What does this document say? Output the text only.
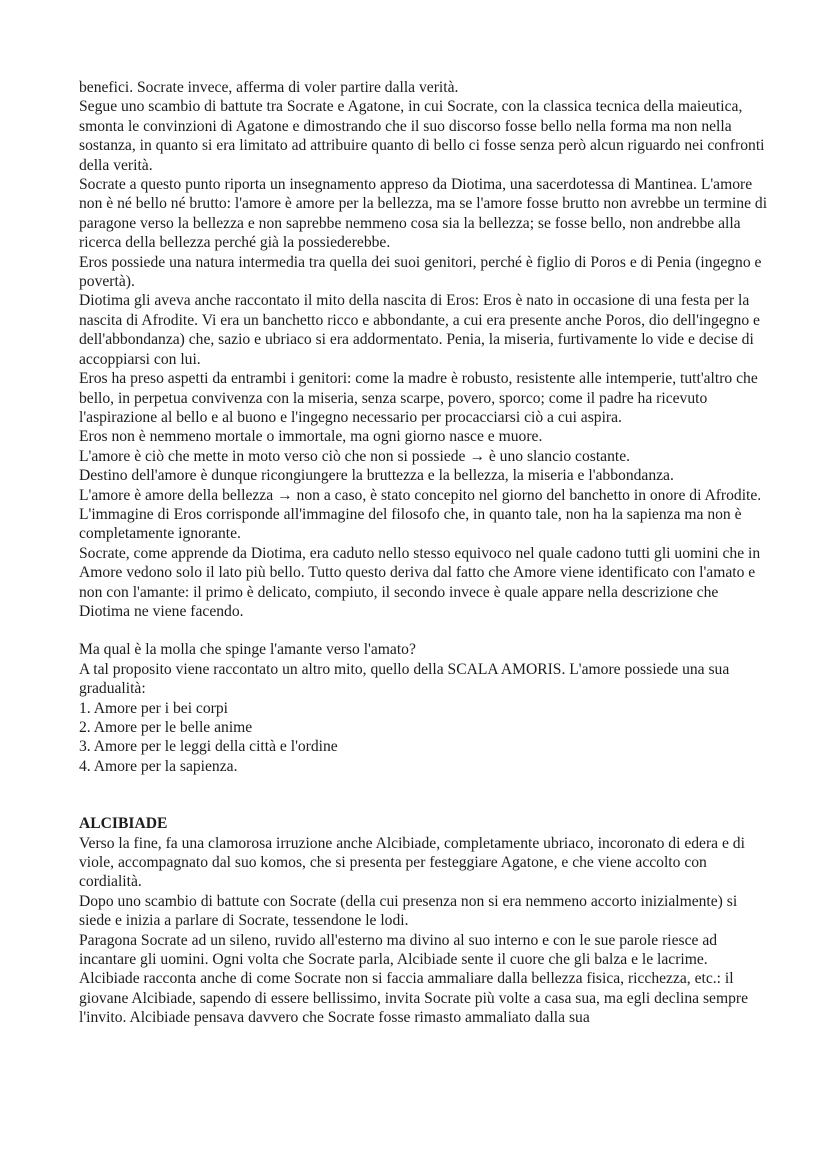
benefici. Socrate invece, afferma di voler partire dalla verità.

Segue uno scambio di battute tra Socrate e Agatone, in cui Socrate, con la classica tecnica della maieutica, smonta le convinzioni di Agatone e dimostrando che il suo discorso fosse bello nella forma ma non nella sostanza, in quanto si era limitato ad attribuire quanto di bello ci fosse senza però alcun riguardo nei confronti della verità.

Socrate a questo punto riporta un insegnamento appreso da Diotima, una sacerdotessa di Mantinea. L'amore non è né bello né brutto: l'amore è amore per la bellezza, ma se l'amore fosse brutto non avrebbe un termine di paragone verso la bellezza e non saprebbe nemmeno cosa sia la bellezza; se fosse bello, non andrebbe alla ricerca della bellezza perché già la possiederebbe.

Eros possiede una natura intermedia tra quella dei suoi genitori, perché è figlio di Poros e di Penia (ingegno e povertà).

Diotima gli aveva anche raccontato il mito della nascita di Eros: Eros è nato in occasione di una festa per la nascita di Afrodite. Vi era un banchetto ricco e abbondante, a cui era presente anche Poros, dio dell'ingegno e dell'abbondanza) che, sazio e ubriaco si era addormentato. Penia, la miseria, furtivamente lo vide e decise di accoppiarsi con lui.

Eros ha preso aspetti da entrambi i genitori: come la madre è robusto, resistente alle intemperie, tutt'altro che bello, in perpetua convivenza con la miseria, senza scarpe, povero, sporco; come il padre ha ricevuto l'aspirazione al bello e al buono e l'ingegno necessario per procacciarsi ciò a cui aspira.

Eros non è nemmeno mortale o immortale, ma ogni giorno nasce e muore.

L'amore è ciò che mette in moto verso ciò che non si possiede → è uno slancio costante.

Destino dell'amore è dunque ricongiungere la bruttezza e la bellezza, la miseria e l'abbondanza.

L'amore è amore della bellezza → non a caso, è stato concepito nel giorno del banchetto in onore di Afrodite.

L'immagine di Eros corrisponde all'immagine del filosofo che, in quanto tale, non ha la sapienza ma non è completamente ignorante.

Socrate, come apprende da Diotima, era caduto nello stesso equivoco nel quale cadono tutti gli uomini che in Amore vedono solo il lato più bello. Tutto questo deriva dal fatto che Amore viene identificato con l'amato e non con l'amante: il primo è delicato, compiuto, il secondo invece è quale appare nella descrizione che Diotima ne viene facendo.

Ma qual è la molla che spinge l'amante verso l'amato?

A tal proposito viene raccontato un altro mito, quello della SCALA AMORIS. L'amore possiede una sua gradualità:

1. Amore per i bei corpi

2. Amore per le belle anime

3. Amore per le leggi della città e l'ordine

4. Amore per la sapienza.

ALCIBIADE

Verso la fine, fa una clamorosa irruzione anche Alcibiade, completamente ubriaco, incoronato di edera e di viole, accompagnato dal suo komos, che si presenta per festeggiare Agatone, e che viene accolto con cordialità.

Dopo uno scambio di battute con Socrate (della cui presenza non si era nemmeno accorto inizialmente) si siede e inizia a parlare di Socrate, tessendone le lodi.

Paragona Socrate ad un sileno, ruvido all'esterno ma divino al suo interno e con le sue parole riesce ad incantare gli uomini. Ogni volta che Socrate parla, Alcibiade sente il cuore che gli balza e le lacrime.

Alcibiade racconta anche di come Socrate non si faccia ammaliare dalla bellezza fisica, ricchezza, etc.: il giovane Alcibiade, sapendo di essere bellissimo, invita Socrate più volte a casa sua, ma egli declina sempre l'invito. Alcibiade pensava davvero che Socrate fosse rimasto ammaliato dalla sua
